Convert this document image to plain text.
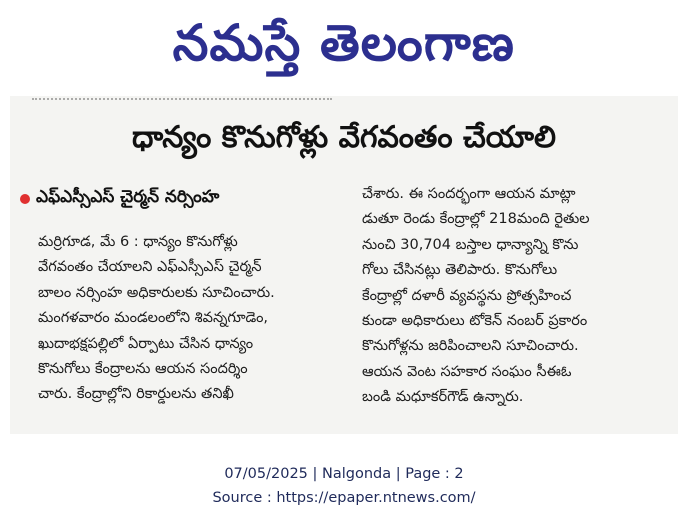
నమస్తే తెలంగాణ
ధాన్యం కొనుగోళ్లు వేగవంతం చేయాలి
ఎఫ్ఎస్సీఎస్ చైర్మన్ నర్సింహ
మర్రిగూడ, మే 6 : ధాన్యం కొనుగోళ్లు
వేగవంతం చేయాలని ఎఫ్ఎస్సీఎస్ చైర్మన్
బాలం నర్సింహ అధికారులకు సూచించారు.
మంగళవారం మండలంలోని శివన్నగూడెం,
ఖుదాభక్షపల్లిలో ఏర్పాటు చేసిన ధాన్యం
కొనుగోలు కేంద్రాలను ఆయన సందర్శిం
చారు. కేంద్రాల్లోని రికార్డులను తనిఖీ
చేశారు. ఈ సందర్భంగా ఆయన మాట్లా
డుతూ రెండు కేంద్రాల్లో 218మంది రైతుల
నుంచి 30,704 బస్తాల ధాన్యాన్ని కొను
గోలు చేసినట్లు తెలిపారు. కొనుగోలు
కేంద్రాల్లో దళారీ వ్యవస్థను ప్రోత్సహించ
కుండా అధికారులు టోకెన్ నంబర్ ప్రకారం
కొనుగోళ్లను జరిపించాలని సూచించారు.
ఆయన వెంట సహకార సంఘం సీఈఓ
బండి మధూకర్‌గౌడ్ ఉన్నారు.
07/05/2025 | Nalgonda | Page : 2
Source : https://epaper.ntnews.com/
